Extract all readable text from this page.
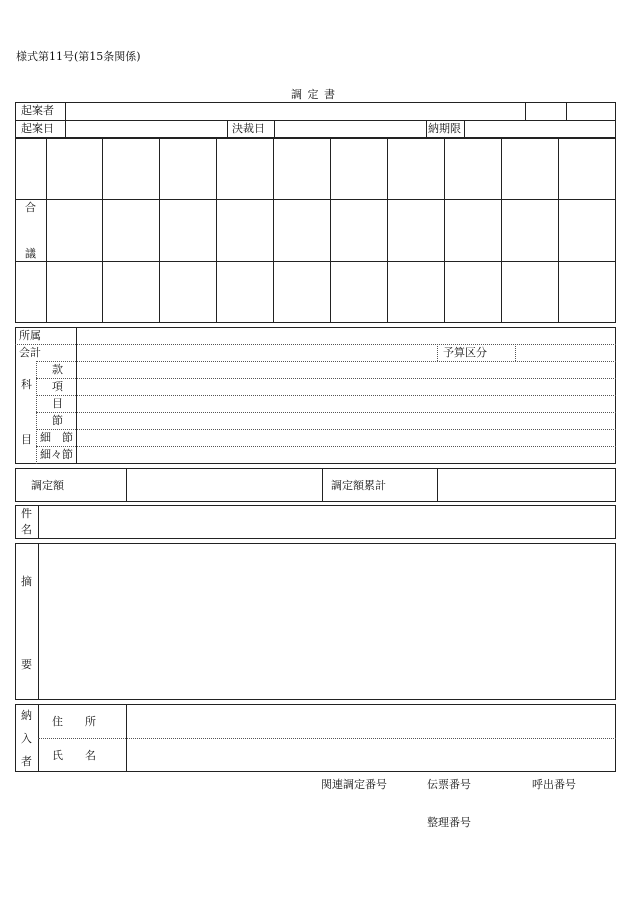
様式第11号(第15条関係)
調 定 書
起案者
起案日	決裁日	納期限
合
議
所属
会計	予算区分
科
目
款
項
目
節
細　節
細々節
調定額	調定額累計
件
名
摘
要
納
入
者
住　　所
氏　　名
関連調定番号	伝票番号	呼出番号
整理番号
